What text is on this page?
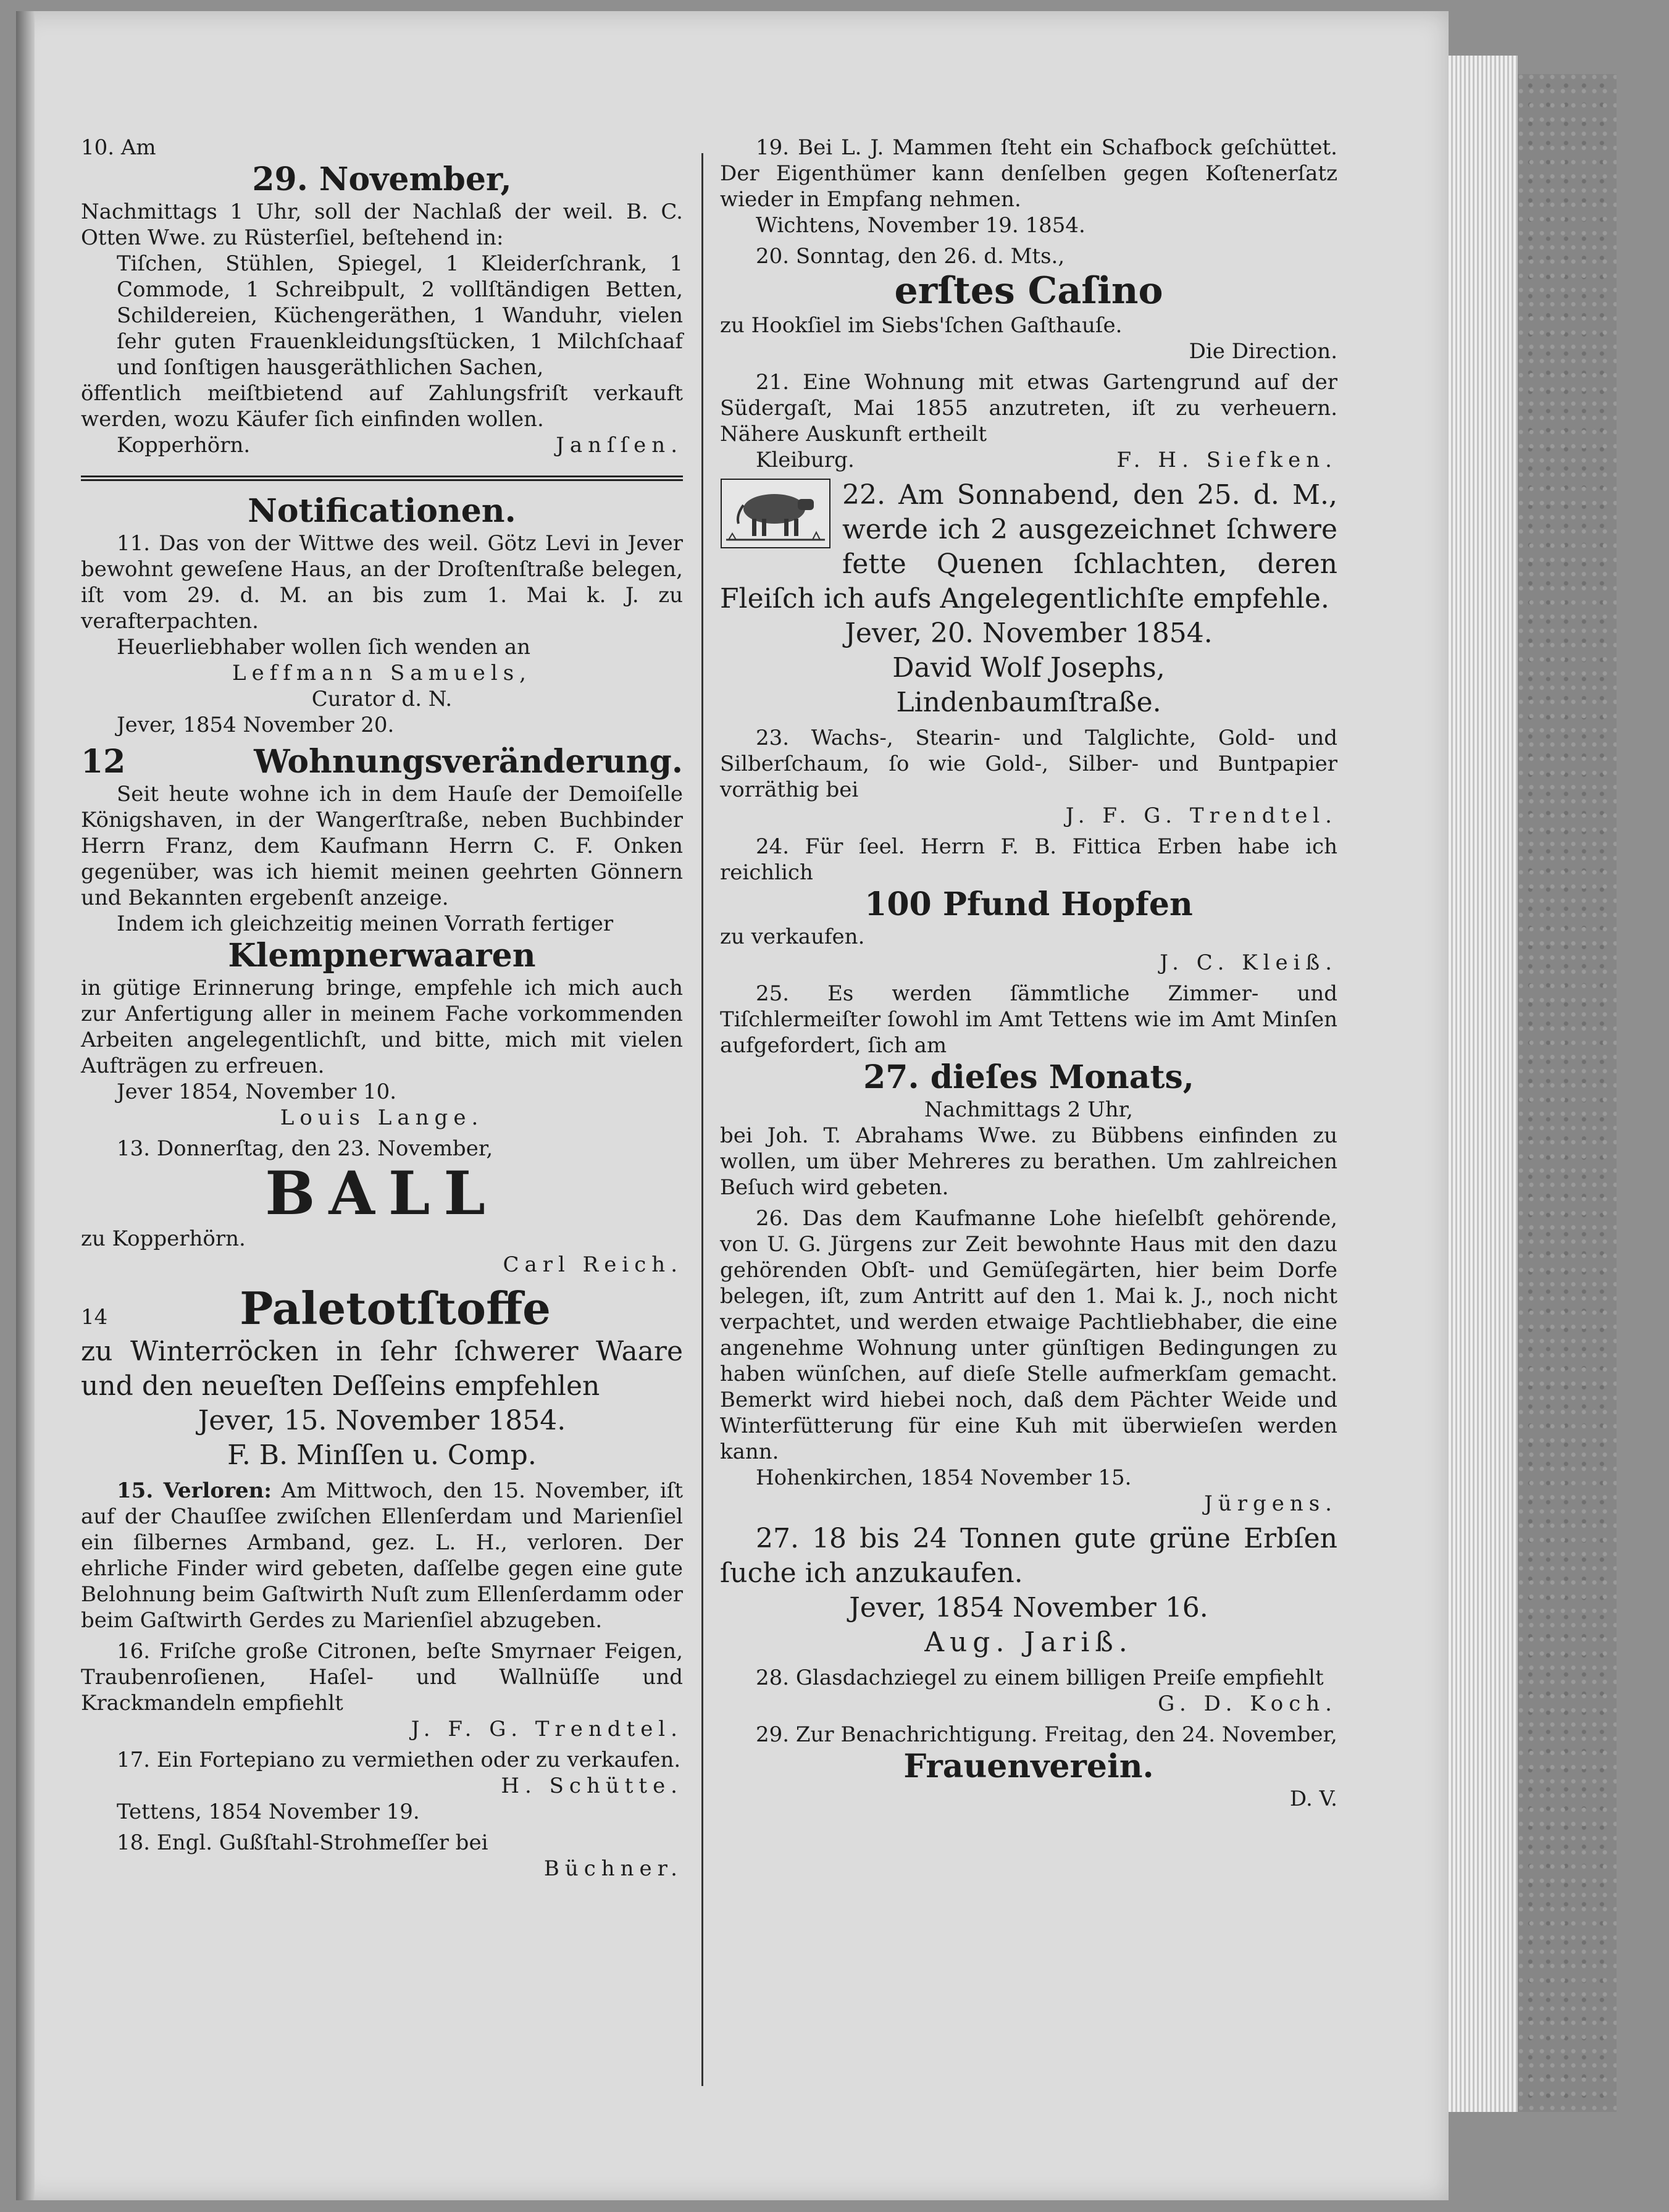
10. Am

29. November,

Nachmittags 1 Uhr, soll der Nachlaß der weil. B. C. Otten Wwe. zu Rüsterſiel, beſtehend in:

Tiſchen, Stühlen, Spiegel, 1 Kleiderſchrank, 1 Commode, 1 Schreibpult, 2 vollſtändigen Betten, Schildereien, Küchengeräthen, 1 Wanduhr, vielen ſehr guten Frauenkleidungsſtücken, 1 Milchſchaaf und ſonſtigen hausgeräthlichen Sachen,

öffentlich meiſtbietend auf Zahlungsfriſt verkauft werden, wozu Käufer ſich einfinden wollen.

Kopperhörn.	Janſſen.

Notificationen.

11. Das von der Wittwe des weil. Götz Levi in Jever bewohnt geweſene Haus, an der Droſtenſtraße belegen, iſt vom 29. d. M. an bis zum 1. Mai k. J. zu verafterpachten.

Heuerliebhaber wollen ſich wenden an

Leffmann Samuels,

Curator d. N.

Jever, 1854 November 20.

12	Wohnungsveränderung.

Seit heute wohne ich in dem Hauſe der Demoiſelle Königshaven, in der Wangerſtraße, neben Buchbinder Herrn Franz, dem Kaufmann Herrn C. F. Onken gegenüber, was ich hiemit meinen geehrten Gönnern und Bekannten ergebenſt anzeige.

Indem ich gleichzeitig meinen Vorrath fertiger

Klempnerwaaren

in gütige Erinnerung bringe, empfehle ich mich auch zur Anfertigung aller in meinem Fache vorkommenden Arbeiten angelegentlichſt, und bitte, mich mit vielen Aufträgen zu erfreuen.

Jever 1854, November 10.

Louis Lange.

13. Donnerſtag, den 23. November,

BALL

zu Kopperhörn.

Carl Reich.

14	Paletotſtoffe

zu Winterröcken in ſehr ſchwerer Waare und den neueſten Deſſeins empfehlen

Jever, 15. November 1854.

F. B. Minſſen u. Comp.

15. Verloren: Am Mittwoch, den 15. November, iſt auf der Chauſſee zwiſchen Ellenſerdam und Marienſiel ein ſilbernes Armband, gez. L. H., verloren. Der ehrliche Finder wird gebeten, daſſelbe gegen eine gute Belohnung beim Gaſtwirth Nuſt zum Ellenſerdamm oder beim Gaſtwirth Gerdes zu Marienſiel abzugeben.

16. Friſche große Citronen, beſte Smyrnaer Feigen, Traubenroſienen, Haſel- und Wallnüſſe und Krackmandeln empfiehlt

J. F. G. Trendtel.

17. Ein Fortepiano zu vermiethen oder zu verkaufen.

H. Schütte.

Tettens, 1854 November 19.

18. Engl. Gußſtahl-Strohmeſſer bei

Büchner.

19. Bei L. J. Mammen ſteht ein Schafbock geſchüttet. Der Eigenthümer kann denſelben gegen Koſtenerſatz wieder in Empfang nehmen.

Wichtens, November 19. 1854.

20. Sonntag, den 26. d. Mts.,

erſtes Caſino

zu Hookſiel im Siebs'ſchen Gaſthauſe.

Die Direction.

21. Eine Wohnung mit etwas Gartengrund auf der Südergaſt, Mai 1855 anzutreten, iſt zu verheuern. Nähere Auskunft ertheilt

Kleiburg.	F. H. Siefken.

22. Am Sonnabend, den 25. d. M., werde ich 2 ausgezeichnet ſchwere fette Quenen ſchlachten, deren Fleiſch ich aufs Angelegentlichſte empfehle.

Jever, 20. November 1854.

David Wolf Josephs,

Lindenbaumſtraße.

23. Wachs-, Stearin- und Talglichte, Gold- und Silberſchaum, ſo wie Gold-, Silber- und Buntpapier vorräthig bei

J. F. G. Trendtel.

24. Für ſeel. Herrn F. B. Fittica Erben habe ich reichlich

100 Pfund Hopfen

zu verkaufen.

J. C. Kleiß.

25. Es werden ſämmtliche Zimmer- und Tiſchlermeiſter ſowohl im Amt Tettens wie im Amt Minſen aufgefordert, ſich am

27. dieſes Monats,

Nachmittags 2 Uhr,

bei Joh. T. Abrahams Wwe. zu Bübbens einfinden zu wollen, um über Mehreres zu berathen. Um zahlreichen Beſuch wird gebeten.

26. Das dem Kaufmanne Lohe hieſelbſt gehörende, von U. G. Jürgens zur Zeit bewohnte Haus mit den dazu gehörenden Obſt- und Gemüſegärten, hier beim Dorfe belegen, iſt, zum Antritt auf den 1. Mai k. J., noch nicht verpachtet, und werden etwaige Pachtliebhaber, die eine angenehme Wohnung unter günſtigen Bedingungen zu haben wünſchen, auf dieſe Stelle aufmerkſam gemacht. Bemerkt wird hiebei noch, daß dem Pächter Weide und Winterfütterung für eine Kuh mit überwieſen werden kann.

Hohenkirchen, 1854 November 15.

Jürgens.

27. 18 bis 24 Tonnen gute grüne Erbſen ſuche ich anzukaufen.

Jever, 1854 November 16.

Aug. Jariß.

28. Glasdachziegel zu einem billigen Preiſe empfiehlt

G. D. Koch.

29. Zur Benachrichtigung. Freitag, den 24. November,

Frauenverein.

D. V.
